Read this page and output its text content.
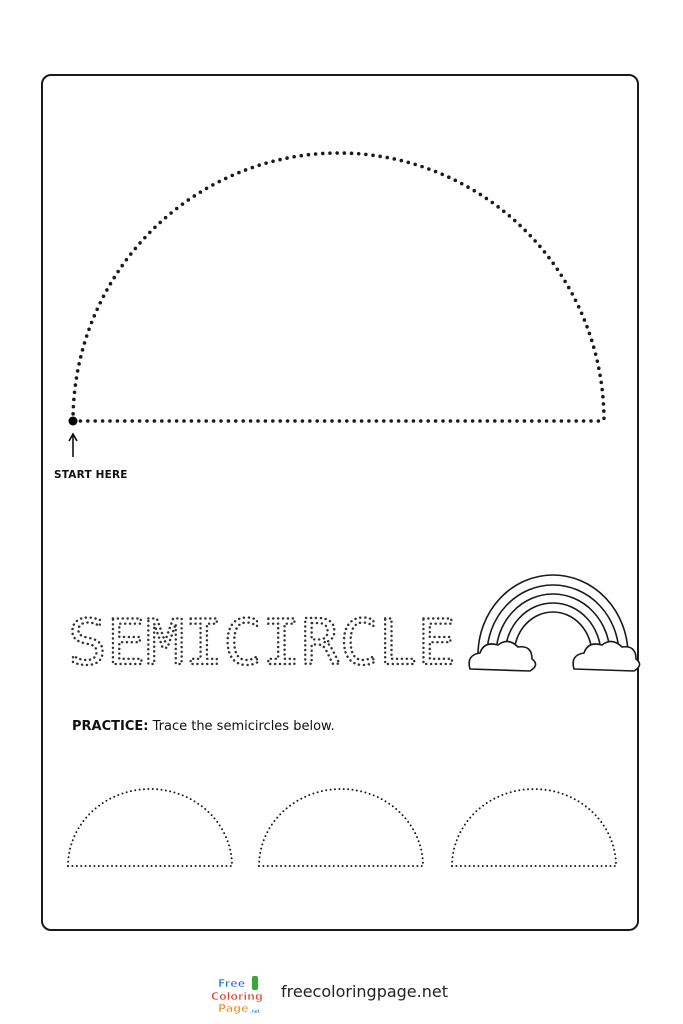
SEMICIRCLE
START HERE
PRACTICE: Trace the semicircles below.
Free
Coloring
Page .net
freecoloringpage.net
